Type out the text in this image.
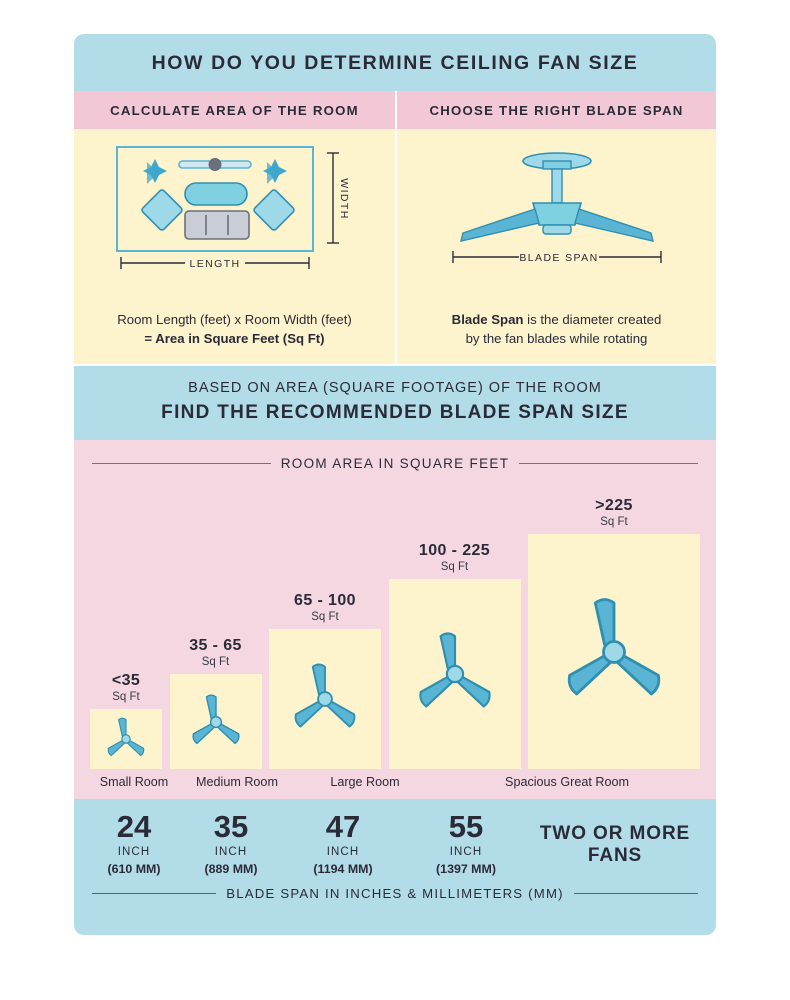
HOW DO YOU DETERMINE CEILING FAN SIZE
CALCULATE AREA OF THE ROOM
WIDTH
LENGTH
Room Length (feet) x Room Width (feet)
= Area in Square Feet (Sq Ft)
CHOOSE THE RIGHT BLADE SPAN
BLADE SPAN
Blade Span is the diameter created
by the fan blades while rotating
BASED ON AREA (SQUARE FOOTAGE) OF THE ROOM
FIND THE RECOMMENDED BLADE SPAN SIZE
ROOM AREA IN SQUARE FEET
<35
Sq Ft
35 - 65
Sq Ft
65 - 100
Sq Ft
100 - 225
Sq Ft
>225
Sq Ft
Small Room	Medium Room	Large Room	Spacious Great Room
24
INCH
(610 MM)
35
INCH
(889 MM)
47
INCH
(1194 MM)
55
INCH
(1397 MM)
TWO OR MORE FANS
BLADE SPAN IN INCHES & MILLIMETERS (MM)
